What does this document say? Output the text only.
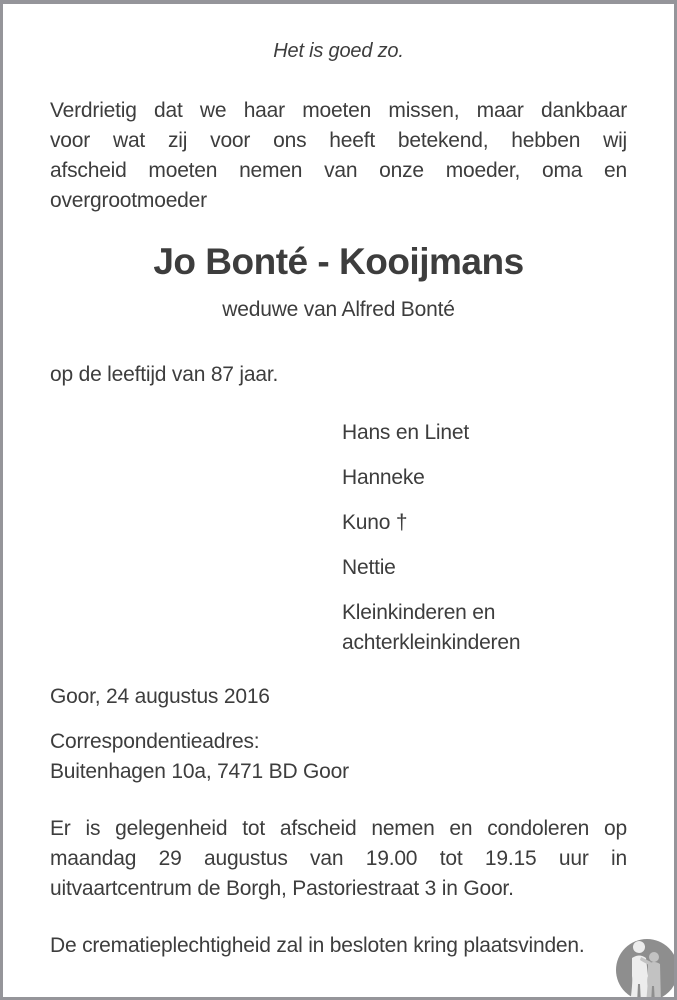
Het is goed zo.

Verdrietig dat we haar moeten missen, maar dankbaar
voor wat zij voor ons heeft betekend, hebben wij
afscheid moeten nemen van onze moeder, oma en
overgrootmoeder
Jo Bonté - Kooijmans

weduwe van Alfred Bonté

op de leeftijd van 87 jaar.

Hans en Linet
Hanneke
Kuno †
Nettie
Kleinkinderen en
achterkleinkinderen

Goor, 24 augustus 2016

Correspondentieadres:
Buitenhagen 10a, 7471 BD Goor

Er is gelegenheid tot afscheid nemen en condoleren op
maandag 29 augustus van 19.00 tot 19.15 uur in
uitvaartcentrum de Borgh, Pastoriestraat 3 in Goor.

De crematieplechtigheid zal in besloten kring plaatsvinden.
